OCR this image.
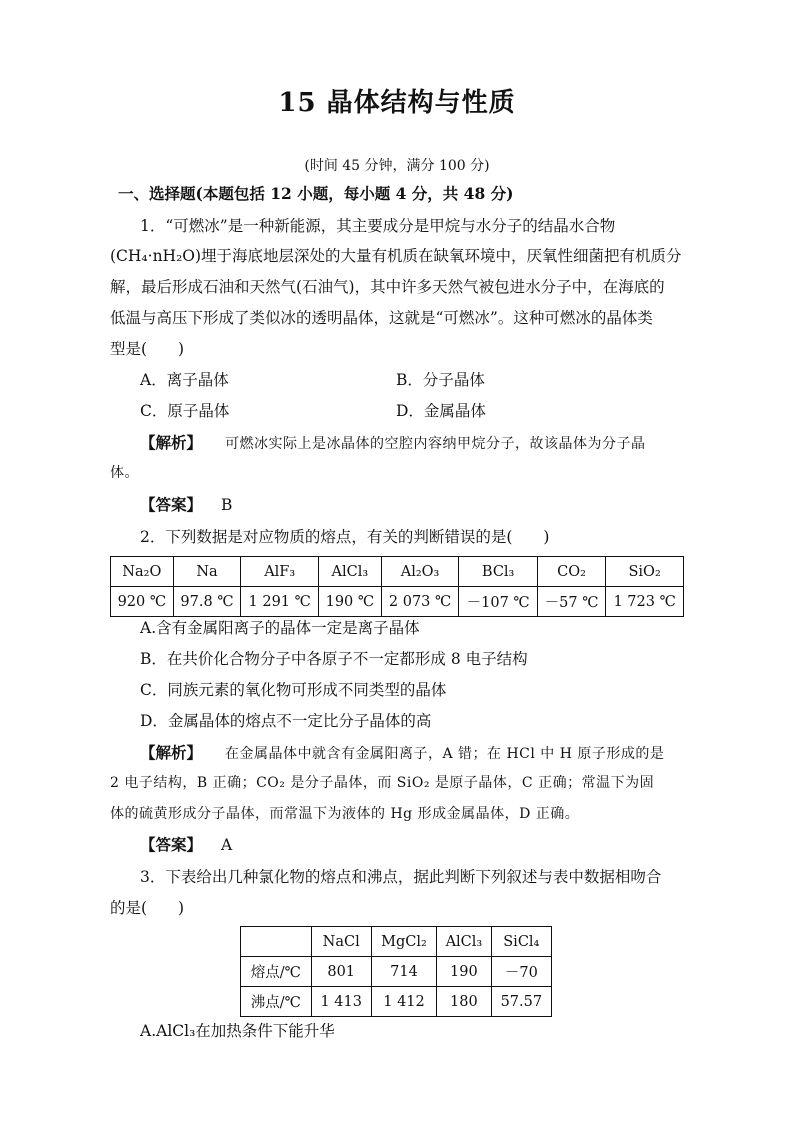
15 晶体结构与性质
(时间 45 分钟，满分 100 分)
一、选择题(本题包括 12 小题，每小题 4 分，共 48 分)
1．“可燃冰”是一种新能源，其主要成分是甲烷与水分子的结晶水合物
(CH₄·nH₂O)埋于海底地层深处的大量有机质在缺氧环境中，厌氧性细菌把有机质分
解，最后形成石油和天然气(石油气)，其中许多天然气被包进水分子中，在海底的
低温与高压下形成了类似冰的透明晶体，这就是“可燃冰”。这种可燃冰的晶体类
型是(　　)
A．离子晶体	B．分子晶体
C．原子晶体	D．金属晶体
【解析】 可燃冰实际上是冰晶体的空腔内容纳甲烷分子，故该晶体为分子晶
体。
【答案】 B
2．下列数据是对应物质的熔点，有关的判断错误的是(　　)
Na₂O	Na	AlF₃	AlCl₃	Al₂O₃	BCl₃	CO₂	SiO₂
920 ℃	97.8 ℃	1 291 ℃	190 ℃	2 073 ℃	－107 ℃	－57 ℃	1 723 ℃
A.含有金属阳离子的晶体一定是离子晶体
B．在共价化合物分子中各原子不一定都形成 8 电子结构
C．同族元素的氧化物可形成不同类型的晶体
D．金属晶体的熔点不一定比分子晶体的高
【解析】 在金属晶体中就含有金属阳离子，A 错；在 HCl 中 H 原子形成的是
2 电子结构，B 正确；CO₂ 是分子晶体，而 SiO₂ 是原子晶体，C 正确；常温下为固
体的硫黄形成分子晶体，而常温下为液体的 Hg 形成金属晶体，D 正确。
【答案】 A
3．下表给出几种氯化物的熔点和沸点，据此判断下列叙述与表中数据相吻合
的是(　　)
	NaCl	MgCl₂	AlCl₃	SiCl₄
熔点/℃	801	714	190	－70
沸点/℃	1 413	1 412	180	57.57
A.AlCl₃在加热条件下能升华
